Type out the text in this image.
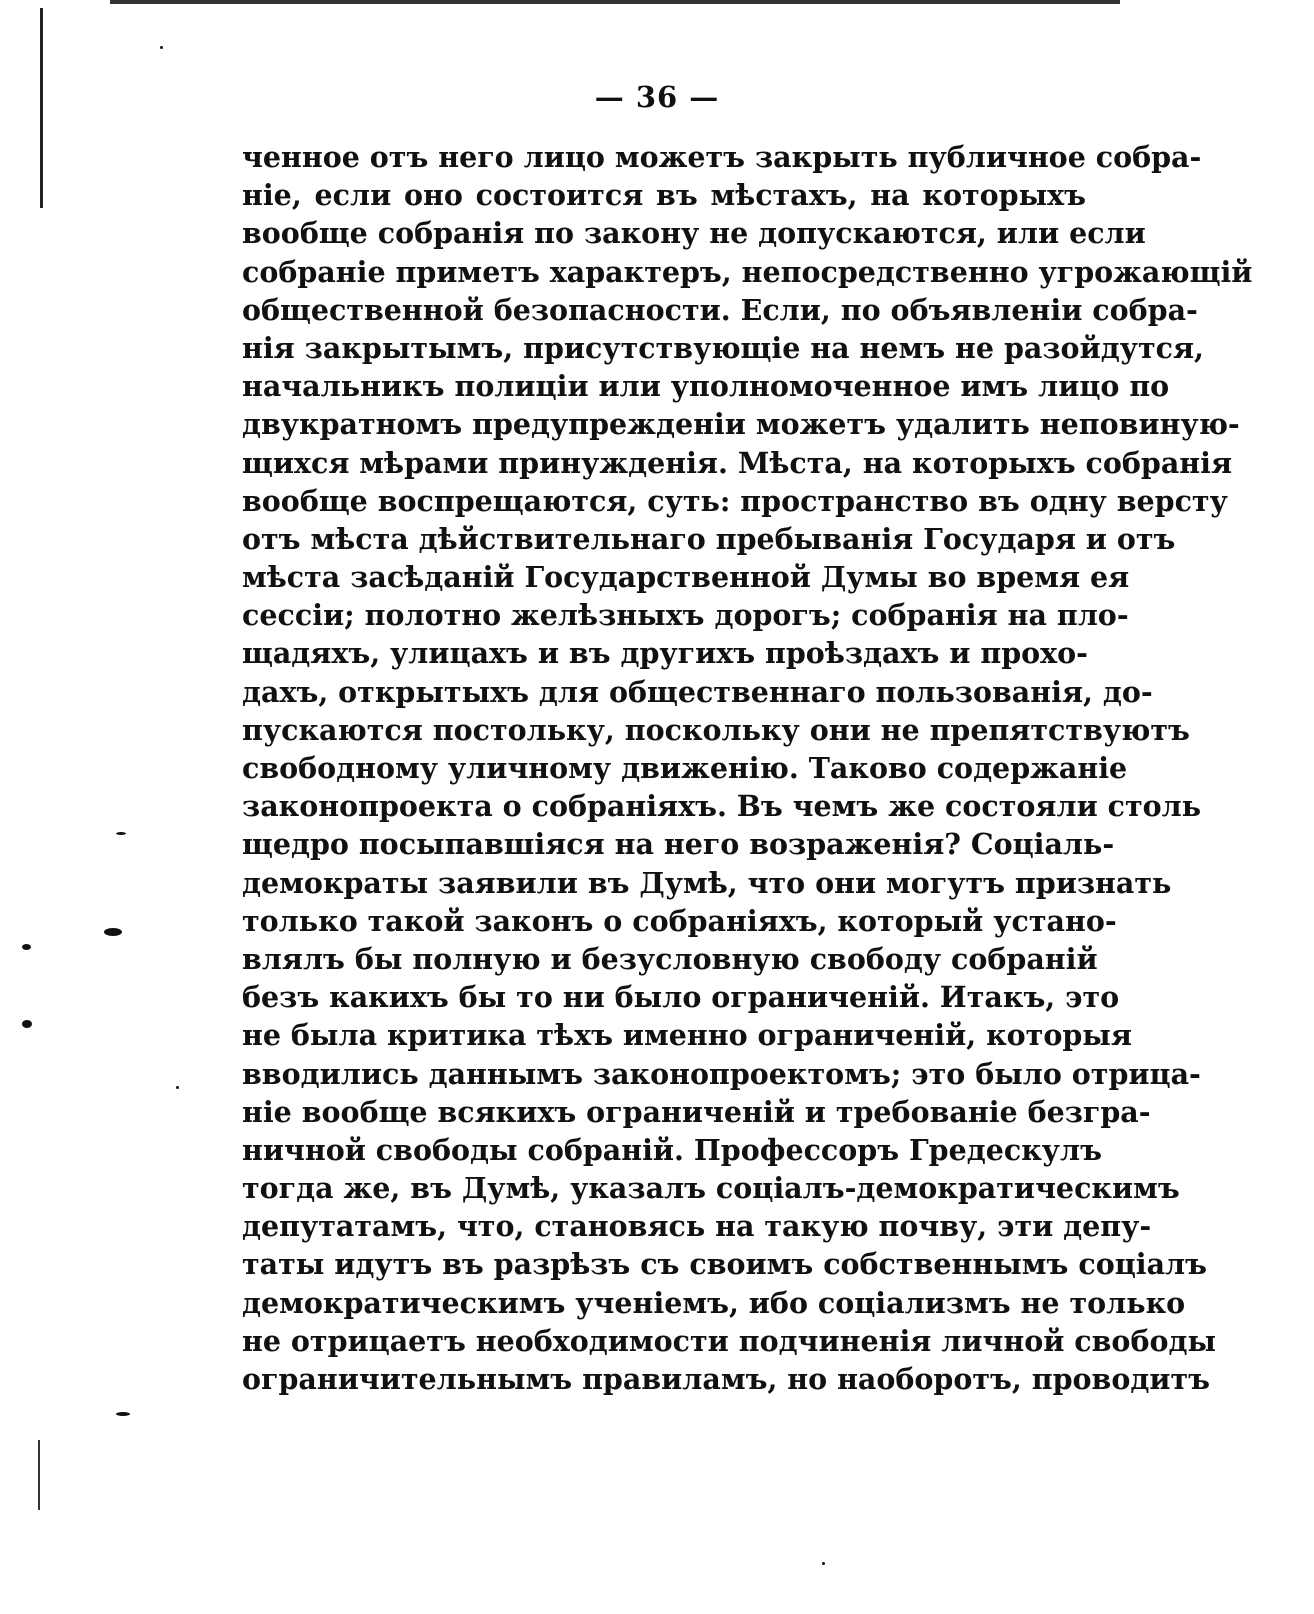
— 36 —
ченное отъ него лицо можетъ закрыть публичное собра-
ніе, если оно состоится въ мѣстахъ, на которыхъ
вообще собранія по закону не допускаются, или если
собраніе приметъ характеръ, непосредственно угрожающій
общественной безопасности. Если, по объявленіи собра-
нія закрытымъ, присутствующіе на немъ не разойдутся,
начальникъ полиціи или уполномоченное имъ лицо по
двукратномъ предупрежденіи можетъ удалить неповиную-
щихся мѣрами принужденія. Мѣста, на которыхъ собранія
вообще воспрещаются, суть: пространство въ одну версту
отъ мѣста дѣйствительнаго пребыванія Государя и отъ
мѣста засѣданій Государственной Думы во время ея
сессіи; полотно желѣзныхъ дорогъ; собранія на пло-
щадяхъ, улицахъ и въ другихъ проѣздахъ и прохо-
дахъ, открытыхъ для общественнаго пользованія, до-
пускаются постольку, поскольку они не препятствуютъ
свободному уличному движенію. Таково содержаніе
законопроекта о собраніяхъ. Въ чемъ же состояли столь
щедро посыпавшіяся на него возраженія? Соціаль-
демократы заявили въ Думѣ, что они могутъ признать
только такой законъ о собраніяхъ, который устано-
влялъ бы полную и безусловную свободу собраній
безъ какихъ бы то ни было ограниченій. Итакъ, это
не была критика тѣхъ именно ограниченій, которыя
вводились даннымъ законопроектомъ; это было отрица-
ніе вообще всякихъ ограниченій и требованіе безгра-
ничной свободы собраній. Профессоръ Гредескулъ
тогда же, въ Думѣ, указалъ соціалъ-демократическимъ
депутатамъ, что, становясь на такую почву, эти депу-
таты идутъ въ разрѣзъ съ своимъ собственнымъ соціалъ
демократическимъ ученіемъ, ибо соціализмъ не только
не отрицаетъ необходимости подчиненія личной свободы
ограничительнымъ правиламъ, но наоборотъ, проводитъ
